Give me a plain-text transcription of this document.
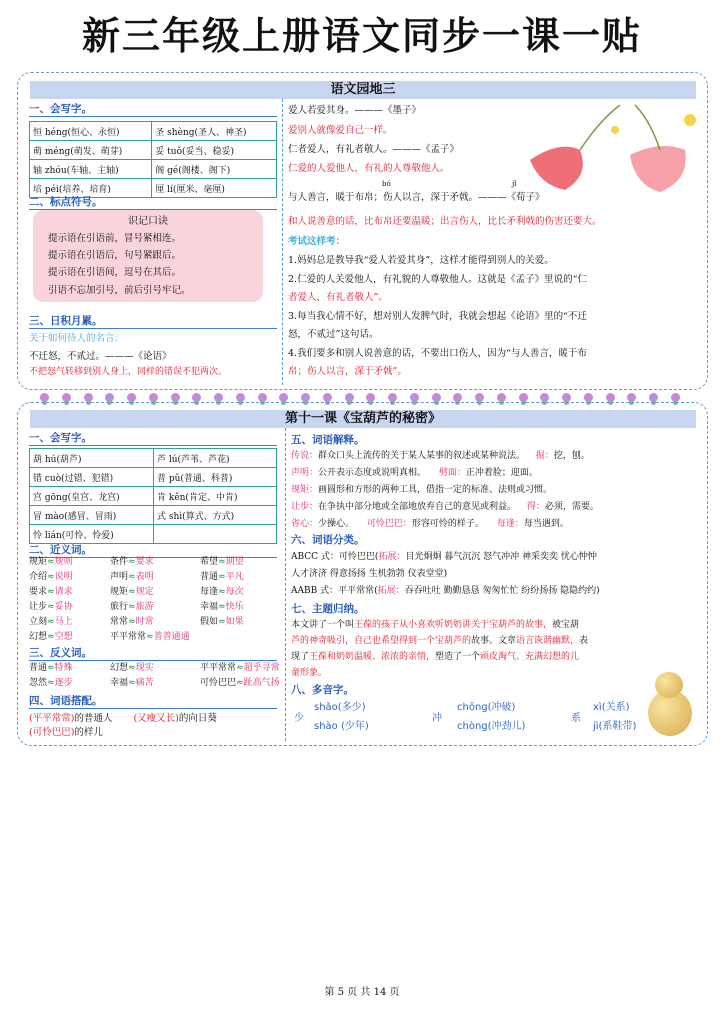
新三年级上册语文同步一课一贴
语文园地三
一、会写字。
恒 héng(恒心、永恒)	圣 shèng(圣人、神圣)
萌 méng(萌发、萌芽)	妥 tuǒ(妥当、稳妥)
轴 zhóu(车轴、主轴)	阁 gé(阁楼、阁下)
培 péi(培养、培育)	厘 lí(厘米、毫厘)
二、标点符号。
识记口诀
提示语在引语前，冒号紧相连。
提示语在引语后，句号紧跟后。
提示语在引语间，逗号在其后。
引语不忘加引号，前后引号牢记。
三、日积月累。
关于如何待人的名言：
不迁怒，不贰过。———《论语》
不把怒气转移到别人身上，同样的错误不犯两次。
爱人若爱其身。———《墨子》
爱别人就像爱自己一样。
仁者爱人，有礼者敬人。———《孟子》
仁爱的人爱他人，有礼的人尊敬他人。
bó	jǐ
与人善言，暖于布帛；伤人以言，深于矛戟。———《荀子》
和人说善意的话，比布帛还要温暖；出言伤人，比长矛利戟的伤害还要大。
考试这样考：
1.妈妈总是教导我“爱人若爱其身”，这样才能得到别人的关爱。
2.仁爱的人关爱他人，有礼貌的人尊敬他人。这就是《孟子》里说的“仁
者爱人，有礼者敬人”。
3.每当我心情不好，想对别人发脾气时，我就会想起《论语》里的“不迁
怒，不贰过”这句话。
4.我们要多和别人说善意的话，不要出口伤人，因为“与人善言，暖于布
帛；伤人以言，深于矛戟”。
第十一课《宝葫芦的秘密》
一、会写字。
葫 hú(葫芦)	芦 lú(芦苇、芦花)
错 cuò(过错、犯错)	普 pǔ(普通、科普)
宫 gōng(皇宫、龙宫)	肯 kěn(肯定、中肯)
冒 mào(感冒、冒雨)	式 shì(算式、方式)
怜 lián(可怜、怜爱)	
二、近义词。
规矩≈规则	条件≈要求	希望≈期望
介绍≈说明	声明≈表明	普通≈平凡
要求≈请求	规矩≈规定	每逢≈每次
让步≈妥协	旅行≈旅游	幸福≈快乐
立刻≈马上	常常≈时常	假如≈如果
幻想≈空想	平平常常≈普普通通
三、反义词。
普通≈特殊	幻想≈现实	平平常常≈超乎寻常
忽然≈逐步	幸福≈痛苦	可怜巴巴≈趾高气扬
四、词语搭配。
(平平常常)的普通人 (又瘦又长)的向日葵
(可怜巴巴)的样儿
五、词语解释。
传说：群众口头上流传的关于某人某事的叙述或某种说法。 掘：挖，刨。
声明：公开表示态度或说明真相。 劈面：正冲着脸；迎面。
规矩：画圆形和方形的两种工具，借指一定的标准、法则或习惯。
让步：在争执中部分地或全部地放弃自己的意见或利益。 得：必须，需要。
省心：少操心。 可怜巴巴：形容可怜的样子。 每逢：每当遇到。
六、词语分类。
ABCC 式：可怜巴巴(拓展：目光炯炯 暮气沉沉 怒气冲冲 神采奕奕 忧心忡忡
人才济济 得意扬扬 生机勃勃 仪表堂堂)
AABB 式：平平常常(拓展：吞吞吐吐 勤勤恳恳 匆匆忙忙 纷纷扬扬 隐隐约约)
七、主题归纳。
本文讲了一个叫王葆的孩子从小喜欢听奶奶讲关于宝葫芦的故事，被宝葫
芦的神奇吸引，自己也希望得到一个宝葫芦的故事。文章语言诙谐幽默，表
现了王葆和奶奶温暖、浓浓的亲情，塑造了一个顽皮淘气、充满幻想的儿
童形象。
八、多音字。
少
shǎo(多少)
shào (少年)
冲
chōng(冲破)
chòng(冲劲儿)
系
xì(关系)
jì(系鞋带)
第 5 页 共 14 页
